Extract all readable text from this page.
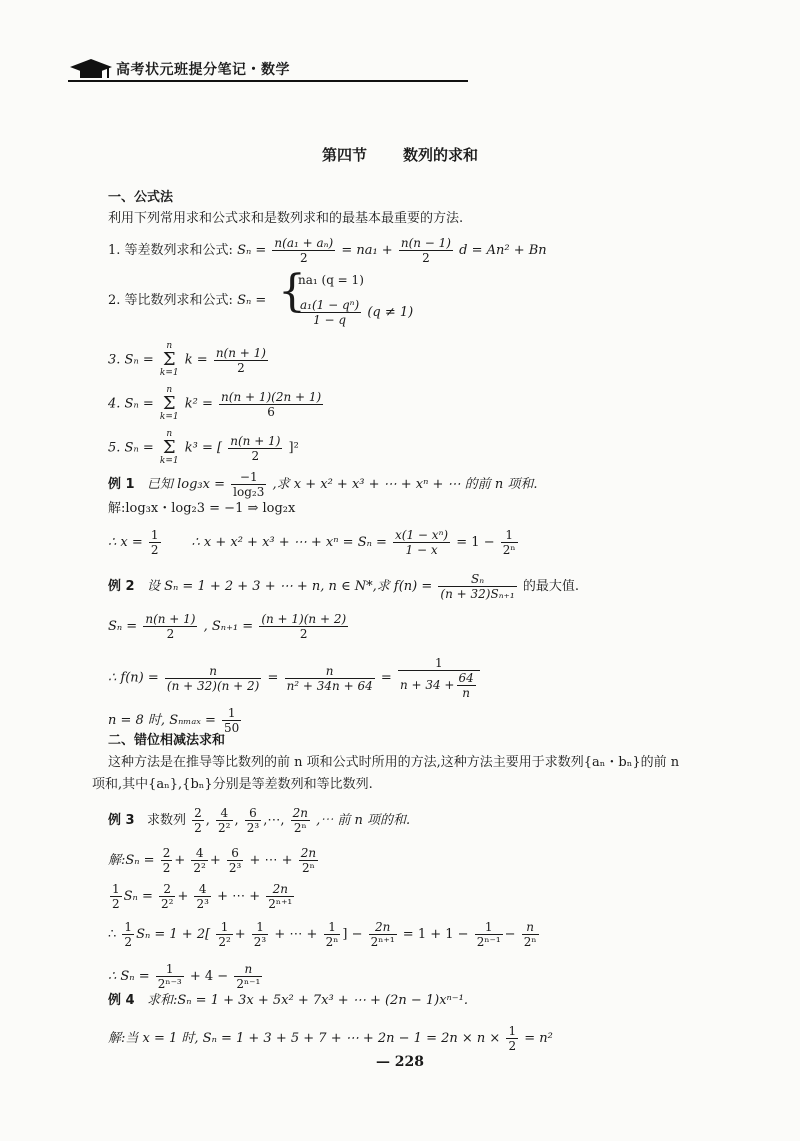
高考状元班提分笔记・数学
第四节 数列的求和
一、公式法
利用下列常用求和公式求和是数列求和的最基本最重要的方法.
1. 等差数列求和公式: $S_n = \frac{\text{n(a₁ + aₙ)}}{2} = na_1 + \frac{n(n - 1)}{2}$ d = An² + Bn
2. 等比数列求和公式: Sₙ = {
na₁ (q = 1)
$\frac{\text{a₁(1 − qⁿ)}}{1 - q} (q \ne 1)$
3. Sₙ = n
Σ
k=1 $k = \frac{n(n + 1)}{2}$
4. Sₙ = n
Σ
k=1 $k^2 = \frac{n(n + 1)(2n + 1)}{6}$
5. Sₙ = n
Σ
k=1 k³ = [ $\frac{n(n + 1)}{2} ]^2$
例 1 已知 $\log_3x = \frac{-1}{\text{log₂3}}$ ,求 x + x² + x³ + ⋯ + xⁿ + ⋯ 的前 n 项和.
解:log₃x・log₂3 = −1 ⇒ log₂x
∴ $x = \frac{1}{2}$ ∴ x + x² + x³ + ⋯ + $x^n = S_n = \frac{\text{x(1 − xⁿ)}}{1 - x} = 1 - \frac{1}{\text{2ⁿ}}$
例 2 设 Sₙ = 1 + 2 + 3 + ⋯ + n, n ∈ N*,求 $f(n) = \frac{\text{Sₙ}}{\text{(n + 32)Sₙ₊₁}}$ 的最大值.
$S_n = \frac{n(n + 1)}{2}$ , $S_{n+1} = \frac{(n + 1)(n + 2)}{2}$
∴ $f(n) = \frac{n}{(n + 32)(n + 2)} = \frac{n}{\text{n² + 34n + 64}} = \frac{1}{n + 34 + \frac{64}{n}}$
n = 8 时, $S_{nmax} = \frac{1}{50}$
二、错位相减法求和
这种方法是在推导等比数列的前 n 项和公式时所用的方法,这种方法主要用于求数列{aₙ・bₙ}的前 n
项和,其中{aₙ},{bₙ}分别是等差数列和等比数列.
例 3 求数列 $\frac{2}{2}$ , $\frac{4}{\text{2²}}$ , $\frac{6}{\text{2³}}$ ,⋯, $\frac{2n}{\text{2ⁿ}}$ ,⋯ 前 n 项的和.
解:Sₙ = $\frac{2}{2} + \frac{4}{\text{2²}} + \frac{6}{\text{2³}}$ + ⋯ + $\frac{2n}{\text{2ⁿ}}$
$\frac{1}{2}$ $S_n = \frac{2}{\text{2²}} + \frac{4}{\text{2³}}$ + ⋯ + $\frac{2n}{\text{2ⁿ⁺¹}}$
∴ $\frac{1}{2}$ $S_n = 1 + 2[ \frac{1}{\text{2²}} + \frac{1}{\text{2³}}$ + ⋯ + $\frac{1}{\text{2ⁿ}}$ ] − $\frac{2n}{\text{2ⁿ⁺¹}} = 1 + 1 - \frac{1}{\text{2ⁿ⁻¹}} - \frac{n}{\text{2ⁿ}}$
∴ $S_n = \frac{1}{\text{2ⁿ⁻³}} + 4 - \frac{n}{\text{2ⁿ⁻¹}}$
例 4 求和:Sₙ = 1 + 3x + 5x² + 7x³ + ⋯ + (2n − 1)xⁿ⁻¹.
解:当 x = 1 时, Sₙ = 1 + 3 + 5 + 7 + ⋯ + $2n - 1 = 2n \times n \times \frac{1}{2} = n^2$
— 228
